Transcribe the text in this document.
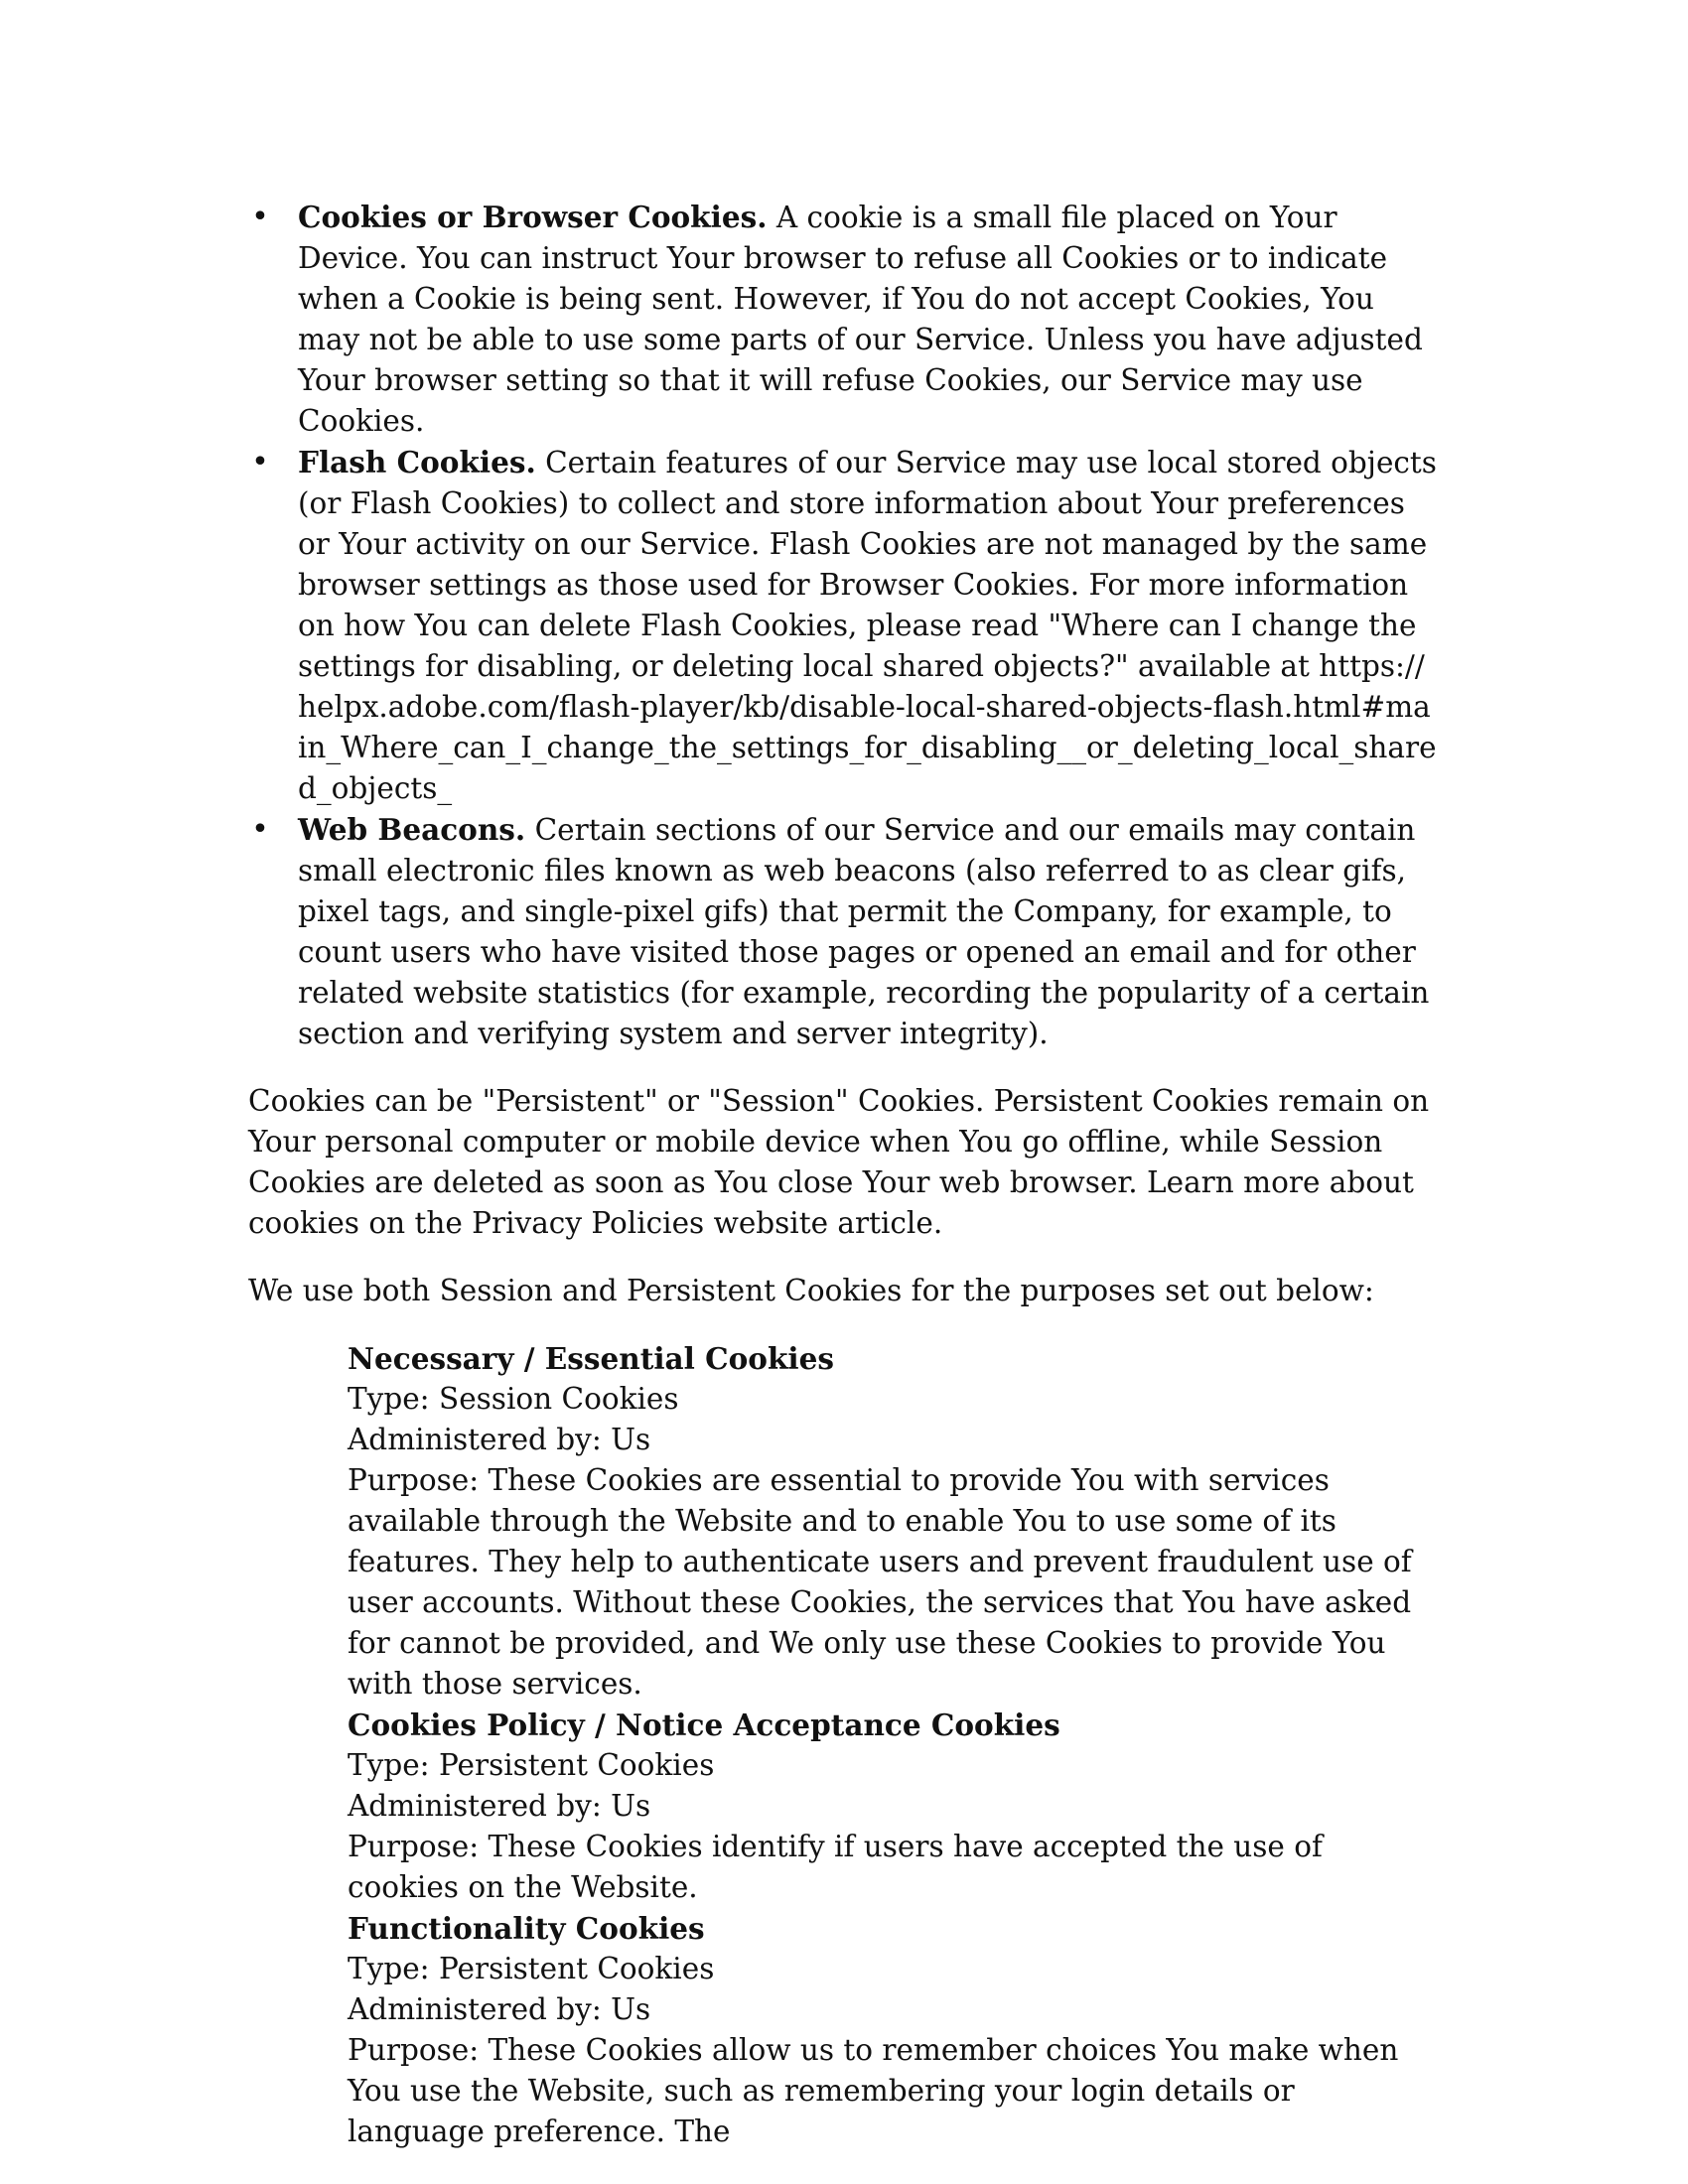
• Cookies or Browser Cookies. A cookie is a small file placed on Your Device. You can instruct Your browser to refuse all Cookies or to indicate when a Cookie is being sent. However, if You do not accept Cookies, You may not be able to use some parts of our Service. Unless you have adjusted Your browser setting so that it will refuse Cookies, our Service may use Cookies.
• Flash Cookies. Certain features of our Service may use local stored objects (or Flash Cookies) to collect and store information about Your preferences or Your activity on our Service. Flash Cookies are not managed by the same browser settings as those used for Browser Cookies. For more information on how You can delete Flash Cookies, please read "Where can I change the settings for disabling, or deleting local shared objects?" available at https://helpx.adobe.com/flash-player/kb/disable-local-shared-objects-flash.html#main_Where_can_I_change_the_settings_for_disabling__or_deleting_local_shared_objects_
• Web Beacons. Certain sections of our Service and our emails may contain small electronic files known as web beacons (also referred to as clear gifs, pixel tags, and single-pixel gifs) that permit the Company, for example, to count users who have visited those pages or opened an email and for other related website statistics (for example, recording the popularity of a certain section and verifying system and server integrity).

Cookies can be "Persistent" or "Session" Cookies. Persistent Cookies remain on Your personal computer or mobile device when You go offline, while Session Cookies are deleted as soon as You close Your web browser. Learn more about cookies on the Privacy Policies website article.

We use both Session and Persistent Cookies for the purposes set out below:

Necessary / Essential Cookies
Type: Session Cookies
Administered by: Us
Purpose: These Cookies are essential to provide You with services available through the Website and to enable You to use some of its features. They help to authenticate users and prevent fraudulent use of user accounts. Without these Cookies, the services that You have asked for cannot be provided, and We only use these Cookies to provide You with those services.
Cookies Policy / Notice Acceptance Cookies
Type: Persistent Cookies
Administered by: Us
Purpose: These Cookies identify if users have accepted the use of cookies on the Website.
Functionality Cookies
Type: Persistent Cookies
Administered by: Us
Purpose: These Cookies allow us to remember choices You make when You use the Website, such as remembering your login details or language preference. The
